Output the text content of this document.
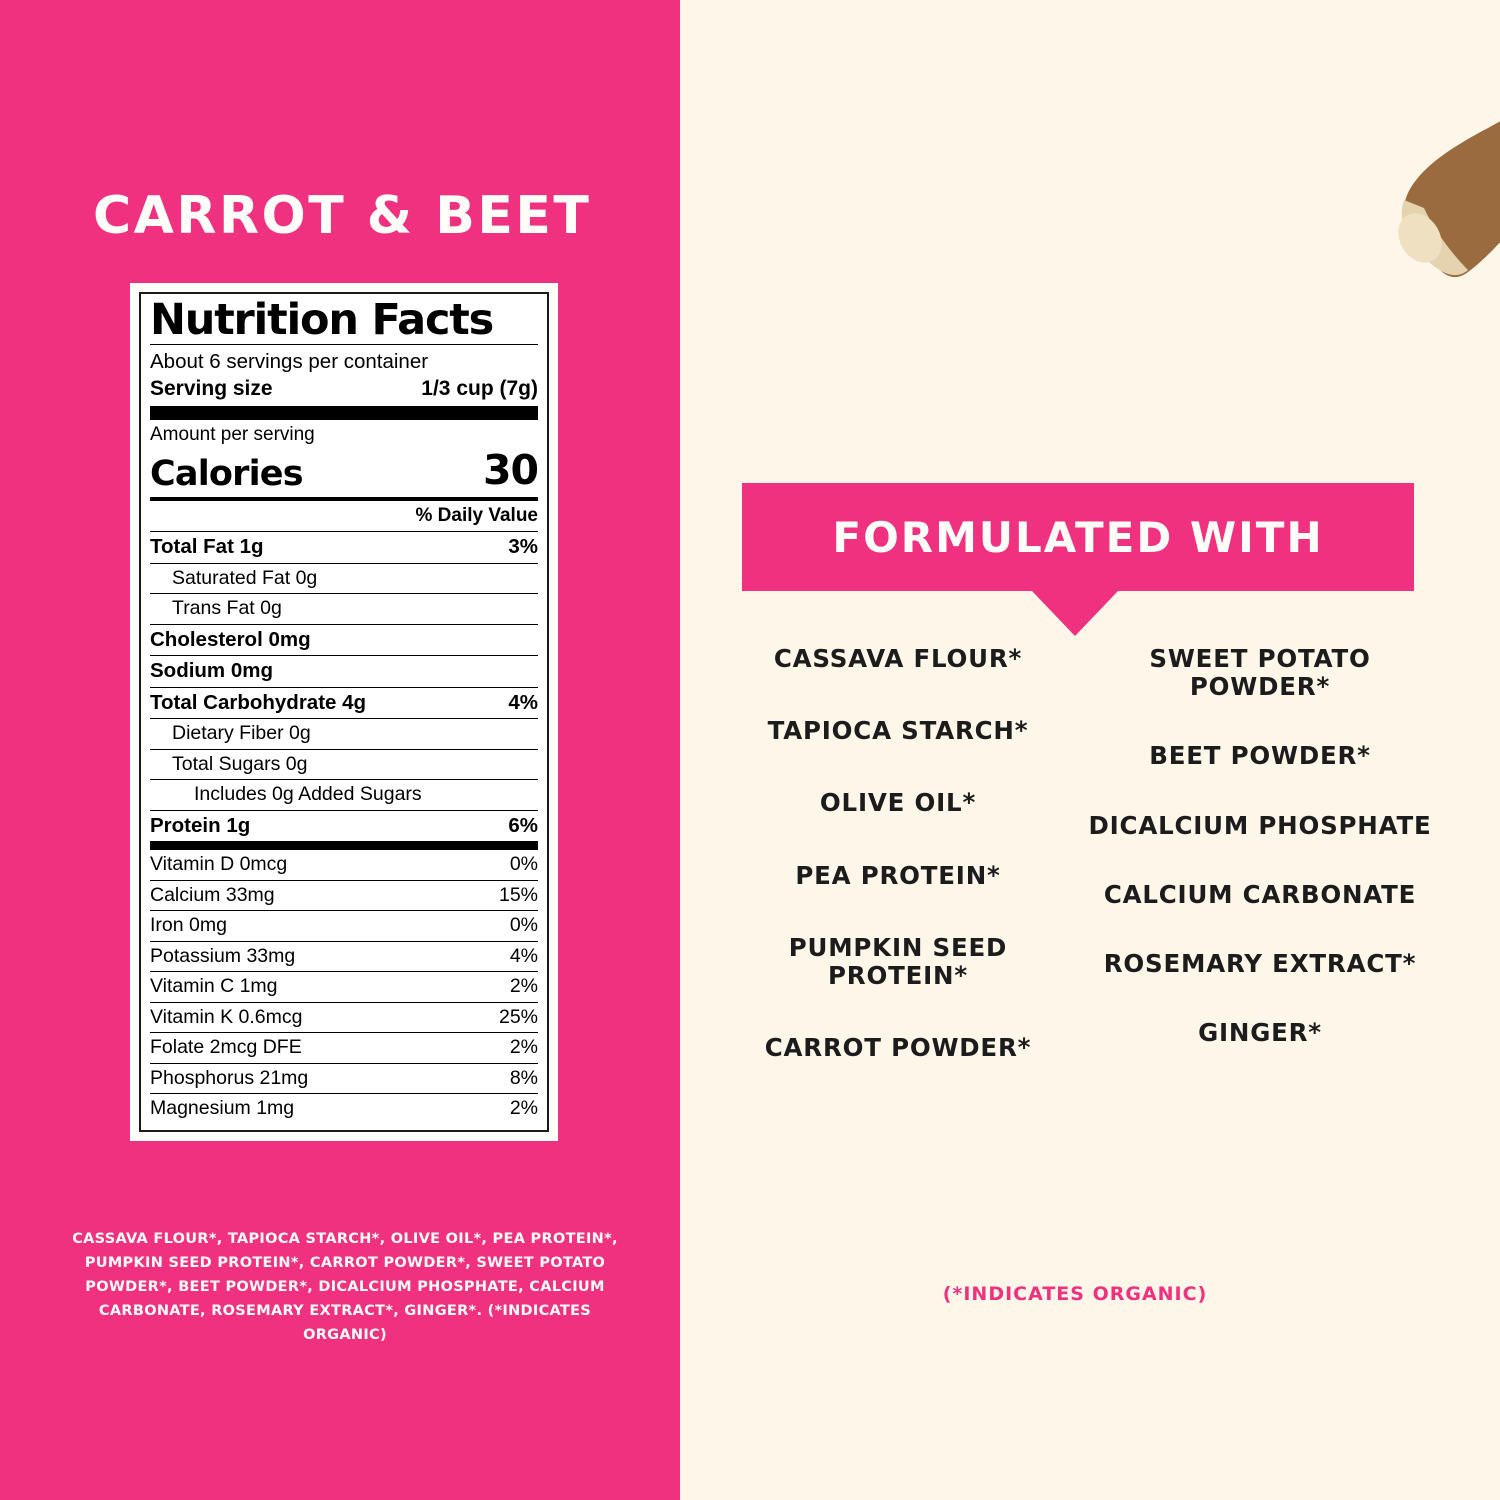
CARROT & BEET
Nutrition Facts
About 6 servings per container
Serving size	1/3 cup (7g)
Amount per serving
Calories	30
% Daily Value
Total Fat 1g	3%
Saturated Fat 0g
Trans Fat 0g
Cholesterol 0mg
Sodium 0mg
Total Carbohydrate 4g	4%
Dietary Fiber 0g
Total Sugars 0g
Includes 0g Added Sugars
Protein 1g	6%
Vitamin D 0mcg	0%
Calcium 33mg	15%
Iron 0mg	0%
Potassium 33mg	4%
Vitamin C 1mg	2%
Vitamin K 0.6mcg	25%
Folate 2mcg DFE	2%
Phosphorus 21mg	8%
Magnesium 1mg	2%
CASSAVA FLOUR*, TAPIOCA STARCH*, OLIVE OIL*, PEA PROTEIN*, PUMPKIN SEED PROTEIN*, CARROT POWDER*, SWEET POTATO POWDER*, BEET POWDER*, DICALCIUM PHOSPHATE, CALCIUM CARBONATE, ROSEMARY EXTRACT*, GINGER*. (*INDICATES ORGANIC)
FORMULATED WITH
CASSAVA FLOUR*
TAPIOCA STARCH*
OLIVE OIL*
PEA PROTEIN*
PUMPKIN SEED PROTEIN*
CARROT POWDER*
SWEET POTATO POWDER*
BEET POWDER*
DICALCIUM PHOSPHATE
CALCIUM CARBONATE
ROSEMARY EXTRACT*
GINGER*
(*INDICATES ORGANIC)
